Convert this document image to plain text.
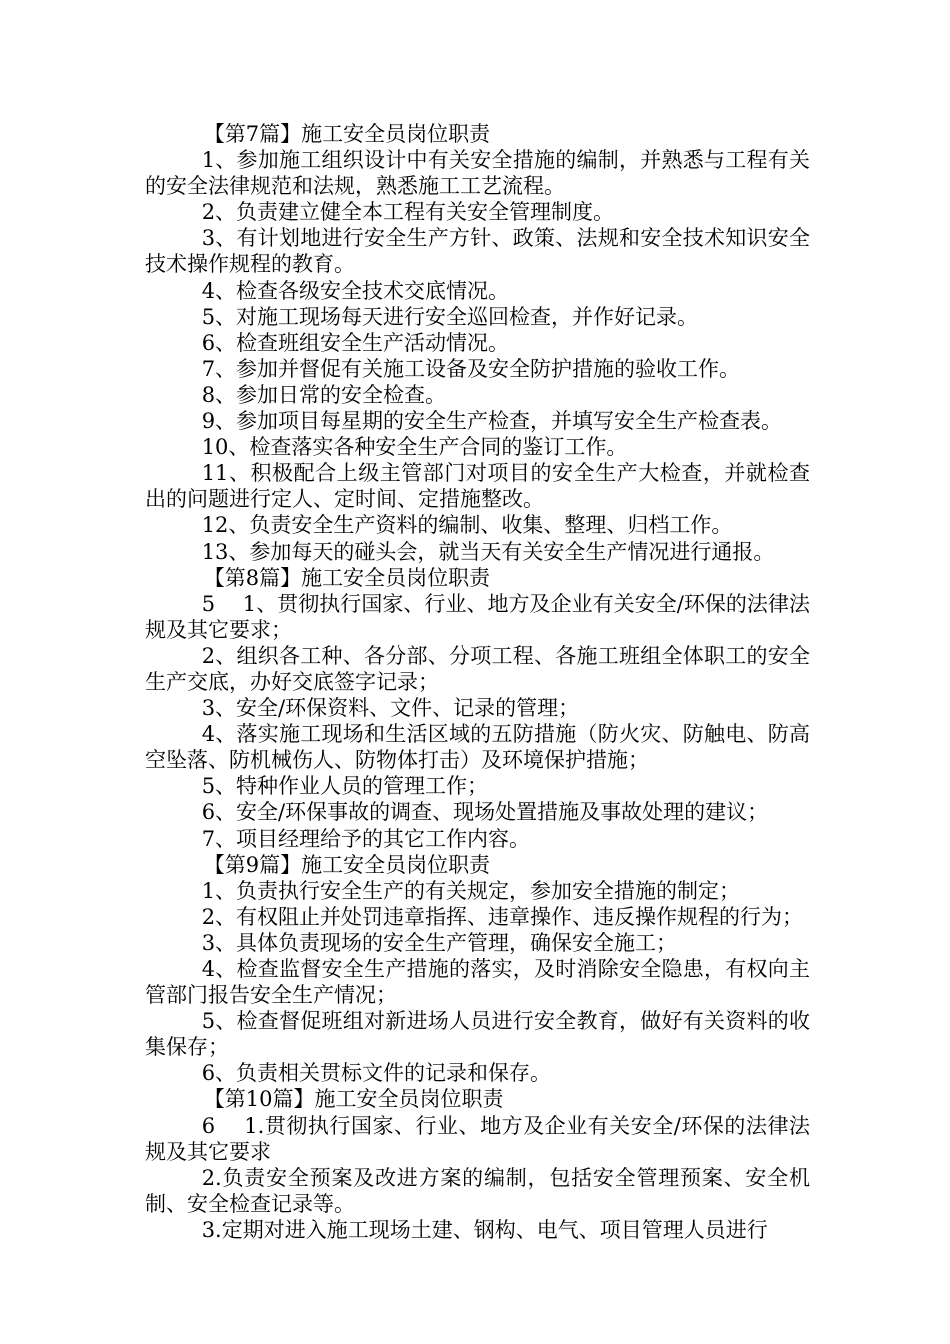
【第7篇】施工安全员岗位职责

1、参加施工组织设计中有关安全措施的编制，并熟悉与工程有关的安全法律规范和法规，熟悉施工工艺流程。

2、负责建立健全本工程有关安全管理制度。

3、有计划地进行安全生产方针、政策、法规和安全技术知识安全技术操作规程的教育。

4、检查各级安全技术交底情况。

5、对施工现场每天进行安全巡回检查，并作好记录。

6、检查班组安全生产活动情况。

7、参加并督促有关施工设备及安全防护措施的验收工作。

8、参加日常的安全检查。

9、参加项目每星期的安全生产检查，并填写安全生产检查表。

10、检查落实各种安全生产合同的鉴订工作。

11、积极配合上级主管部门对项目的安全生产大检查，并就检查出的问题进行定人、定时间、定措施整改。

12、负责安全生产资料的编制、收集、整理、归档工作。

13、参加每天的碰头会，就当天有关安全生产情况进行通报。

【第8篇】施工安全员岗位职责

5　 1、贯彻执行国家、行业、地方及企业有关安全/环保的法律法规及其它要求；

2、组织各工种、各分部、分项工程、各施工班组全体职工的安全生产交底，办好交底签字记录；

3、安全/环保资料、文件、记录的管理；

4、落实施工现场和生活区域的五防措施（防火灾、防触电、防高空坠落、防机械伤人、防物体打击）及环境保护措施；

5、特种作业人员的管理工作；

6、安全/环保事故的调查、现场处置措施及事故处理的建议；

7、项目经理给予的其它工作内容。

【第9篇】施工安全员岗位职责

1、负责执行安全生产的有关规定，参加安全措施的制定；

2、有权阻止并处罚违章指挥、违章操作、违反操作规程的行为；

3、具体负责现场的安全生产管理，确保安全施工；

4、检查监督安全生产措施的落实，及时消除安全隐患，有权向主管部门报告安全生产情况；

5、检查督促班组对新进场人员进行安全教育，做好有关资料的收集保存；

6、负责相关贯标文件的记录和保存。

【第10篇】施工安全员岗位职责

6　 1.贯彻执行国家、行业、地方及企业有关安全/环保的法律法规及其它要求

2.负责安全预案及改进方案的编制，包括安全管理预案、安全机制、安全检查记录等。

3.定期对进入施工现场土建、钢构、电气、项目管理人员进行
